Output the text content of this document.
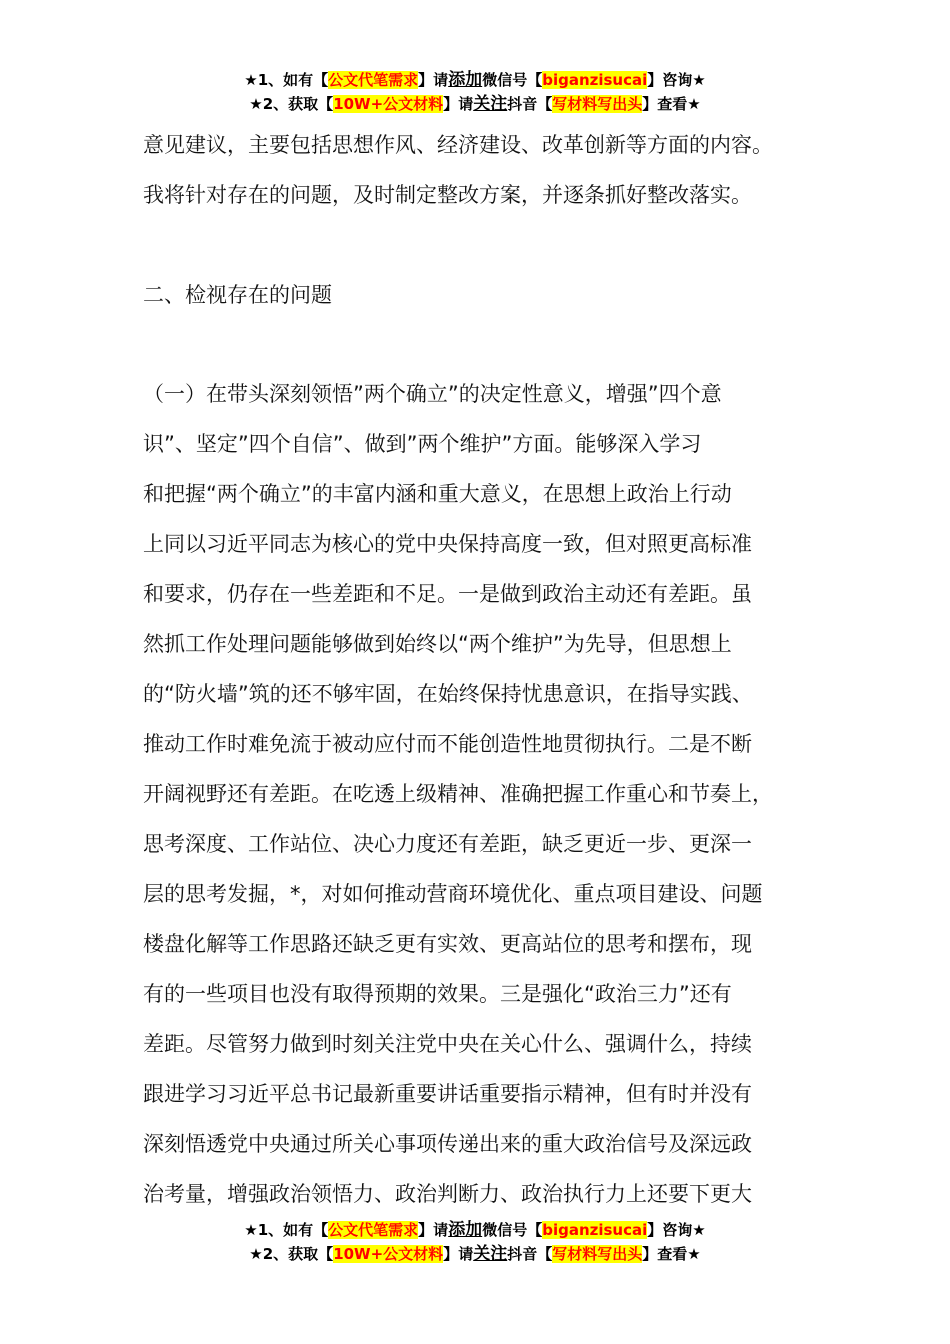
★1、如有【公文代笔需求】请添加微信号【biganzisucai】咨询★
★2、获取【10W+公文材料】请关注抖音【写材料写出头】查看★
意见建议，主要包括思想作风、经济建设、改革创新等方面的内容。
我将针对存在的问题，及时制定整改方案，并逐条抓好整改落实。
二、检视存在的问题
（一）在带头深刻领悟”两个确立”的决定性意义，增强”四个意
识”、坚定”四个自信”、做到”两个维护”方面。能够深入学习
和把握“两个确立”的丰富内涵和重大意义，在思想上政治上行动
上同以习近平同志为核心的党中央保持高度一致，但对照更高标准
和要求，仍存在一些差距和不足。一是做到政治主动还有差距。虽
然抓工作处理问题能够做到始终以“两个维护”为先导，但思想上
的“防火墙”筑的还不够牢固，在始终保持忧患意识，在指导实践、
推动工作时难免流于被动应付而不能创造性地贯彻执行。二是不断
开阔视野还有差距。在吃透上级精神、准确把握工作重心和节奏上，
思考深度、工作站位、决心力度还有差距，缺乏更近一步、更深一
层的思考发掘，*，对如何推动营商环境优化、重点项目建设、问题
楼盘化解等工作思路还缺乏更有实效、更高站位的思考和摆布，现
有的一些项目也没有取得预期的效果。三是强化“政治三力”还有
差距。尽管努力做到时刻关注党中央在关心什么、强调什么，持续
跟进学习习近平总书记最新重要讲话重要指示精神，但有时并没有
深刻悟透党中央通过所关心事项传递出来的重大政治信号及深远政
治考量，增强政治领悟力、政治判断力、政治执行力上还要下更大
★1、如有【公文代笔需求】请添加微信号【biganzisucai】咨询★
★2、获取【10W+公文材料】请关注抖音【写材料写出头】查看★
